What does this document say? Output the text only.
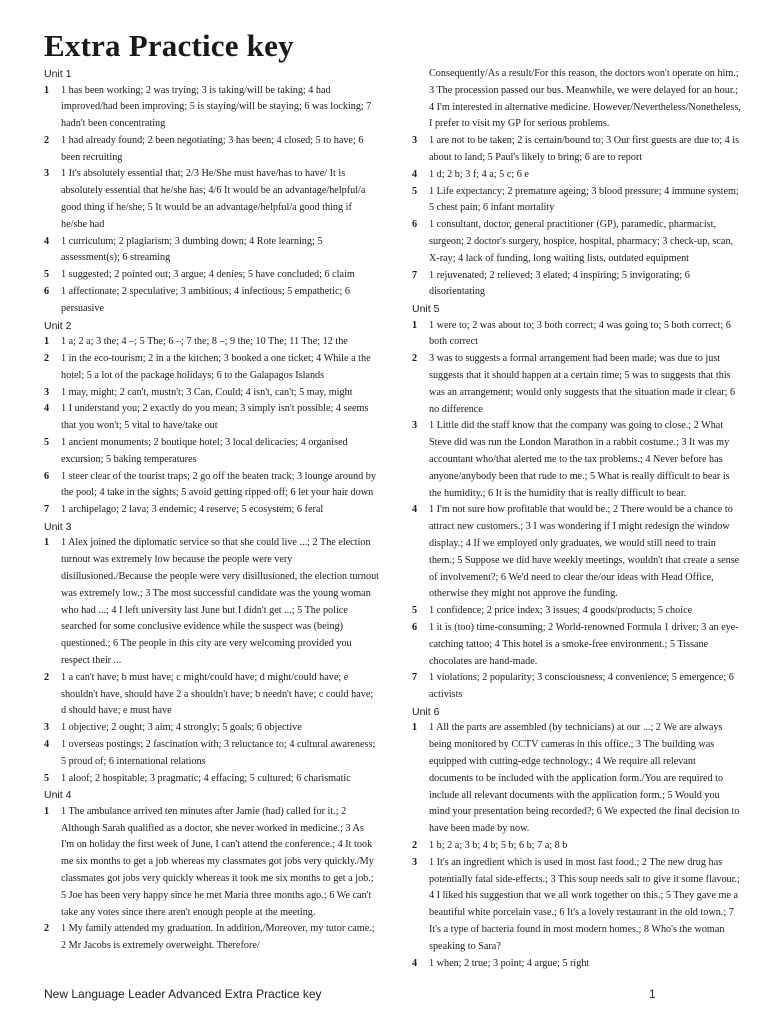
Extra Practice key
Unit 1
1 1 has been working; 2 was trying; 3 is taking/will be taking; 4 had improved/had been improving; 5 is staying/will be staying; 6 was locking; 7 hadn't been concentrating
2 1 had already found; 2 been negotiating; 3 has been; 4 closed; 5 to have; 6 been recruiting
3 1 It's absolutely essential that; 2/3 He/She must have/has to have/ It is absolutely essential that he/she has; 4/6 It would be an advantage/helpful/a good thing if he/she; 5 It would be an advantage/helpful/a good thing if he/she had
4 1 curriculum; 2 plagiarism; 3 dumbing down; 4 Rote learning; 5 assessment(s); 6 streaming
5 1 suggested; 2 pointed out; 3 argue; 4 denies; 5 have concluded; 6 claim
6 1 affectionate; 2 speculative; 3 ambitious; 4 infectious; 5 empathetic; 6 persuasive
Unit 2
1 1 a; 2 a; 3 the; 4 –; 5 The; 6 –; 7 the; 8 –; 9 the; 10 The; 11 The; 12 the
2 1 in the eco-tourism; 2 in a the kitchen; 3 booked a one ticket; 4 While a the hotel; 5 a lot of the package holidays; 6 to the Galapagos Islands
3 1 may, might; 2 can't, mustn't; 3 Can, Could; 4 isn't, can't; 5 may, might
4 1 I understand you; 2 exactly do you mean; 3 simply isn't possible; 4 seems that you won't; 5 vital to have/take out
5 1 ancient monuments; 2 boutique hotel; 3 local delicacies; 4 organised excursion; 5 baking temperatures
6 1 steer clear of the tourist traps; 2 go off the beaten track; 3 lounge around by the pool; 4 take in the sights; 5 avoid getting ripped off; 6 let your hair down
7 1 archipelago; 2 lava; 3 endemic; 4 reserve; 5 ecosystem; 6 feral
Unit 3
1 1 Alex joined the diplomatic service so that she could live ...; 2 The election turnout was extremely low because the people were very disillusioned./Because the people were very disillusioned, the election turnout was extremely low.; 3 The most successful candidate was the young woman who had ...; 4 I left university last June but I didn't get ...; 5 The police searched for some conclusive evidence while the suspect was (being) questioned.; 6 The people in this city are very welcoming provided you respect their ...
2 1 a can't have; b must have; c might/could have; d might/could have; e shouldn't have, should have 2 a shouldn't have; b needn't have; c could have; d should have; e must have
3 1 objective; 2 ought; 3 aim; 4 strongly; 5 goals; 6 objective
4 1 overseas postings; 2 fascination with; 3 reluctance to; 4 cultural awareness; 5 proud of; 6 international relations
5 1 aloof; 2 hospitable; 3 pragmatic; 4 effacing; 5 cultured; 6 charismatic
Unit 4
1 1 The ambulance arrived ten minutes after Jamie (had) called for it.; 2 Although Sarah qualified as a doctor, she never worked in medicine.; 3 As I'm on holiday the first week of June, I can't attend the conference.; 4 It took me six months to get a job whereas my classmates got jobs very quickly./My classmates got jobs very quickly whereas it took me six months to get a job.; 5 Joe has been very happy since he met Maria three months ago.; 6 We can't take any votes since there aren't enough people at the meeting.
2 1 My family attended my graduation. In addition,/Moreover, my tutor came.; 2 Mr Jacobs is extremely overweight. Therefore/
Consequently/As a result/For this reason, the doctors won't operate on him.; 3 The procession passed our bus. Meanwhile, we were delayed for an hour.; 4 I'm interested in alternative medicine. However/Nevertheless/Nonetheless, I prefer to visit my GP for serious problems.
3 1 are not to be taken; 2 is certain/bound to; 3 Our first guests are due to; 4 is about to land; 5 Paul's likely to bring; 6 are to report
4 1 d; 2 b; 3 f; 4 a; 5 c; 6 e
5 1 Life expectancy; 2 premature ageing; 3 blood pressure; 4 immune system; 5 chest pain; 6 infant mortality
6 1 consultant, doctor, general practitioner (GP), paramedic, pharmacist, surgeon; 2 doctor's surgery, hospice, hospital, pharmacy; 3 check-up, scan, X-ray; 4 lack of funding, long waiting lists, outdated equipment
7 1 rejuvenated; 2 relieved; 3 elated; 4 inspiring; 5 invigorating; 6 disorientating
Unit 5
1 1 were to; 2 was about to; 3 both correct; 4 was going to; 5 both correct; 6 both correct
2 3 was to suggests a formal arrangement had been made; was due to just suggests that it should happen at a certain time; 5 was to suggests that this was an arrangement; would only suggests that the situation made it clear; 6 no difference
3 1 Little did the staff know that the company was going to close.; 2 What Steve did was run the London Marathon in a rabbit costume.; 3 It was my accountant who/that alerted me to the tax problems.; 4 Never before has anyone/anybody been that rude to me.; 5 What is really difficult to bear is the humidity.; 6 It is the humidity that is really difficult to bear.
4 1 I'm not sure how profitable that would be.; 2 There would be a chance to attract new customers.; 3 I was wondering if I might redesign the window display.; 4 If we employed only graduates, we would still need to train them.; 5 Suppose we did have weekly meetings, wouldn't that create a sense of involvement?; 6 We'd need to clear the/our ideas with Head Office, otherwise they might not approve the funding.
5 1 confidence; 2 price index; 3 issues; 4 goods/products; 5 choice
6 1 it is (too) time-consuming; 2 World-renowned Formula 1 driver; 3 an eye-catching tattoo; 4 This hotel is a smoke-free environment.; 5 Tissane chocolates are hand-made.
7 1 violations; 2 popularity; 3 consciousness; 4 convenience; 5 emergence; 6 activists
Unit 6
1 1 All the parts are assembled (by technicians) at our ...; 2 We are always being monitored by CCTV cameras in this office.; 3 The building was equipped with cutting-edge technology.; 4 We require all relevant documents to be included with the application form./You are required to include all relevant documents with the application form.; 5 Would you mind your presentation being recorded?; 6 We expected the final decision to have been made by now.
2 1 b; 2 a; 3 b; 4 b; 5 b; 6 b; 7 a; 8 b
3 1 It's an ingredient which is used in most fast food.; 2 The new drug has potentially fatal side-effects.; 3 This soup needs salt to give it some flavour.; 4 I liked his suggestion that we all work together on this.; 5 They gave me a beautiful white porcelain vase.; 6 It's a lovely restaurant in the old town.; 7 It's a type of bacteria found in most modern homes.; 8 Who's the woman speaking to Sara?
4 1 when; 2 true; 3 point; 4 argue; 5 right
New Language Leader Advanced Extra Practice key	1
